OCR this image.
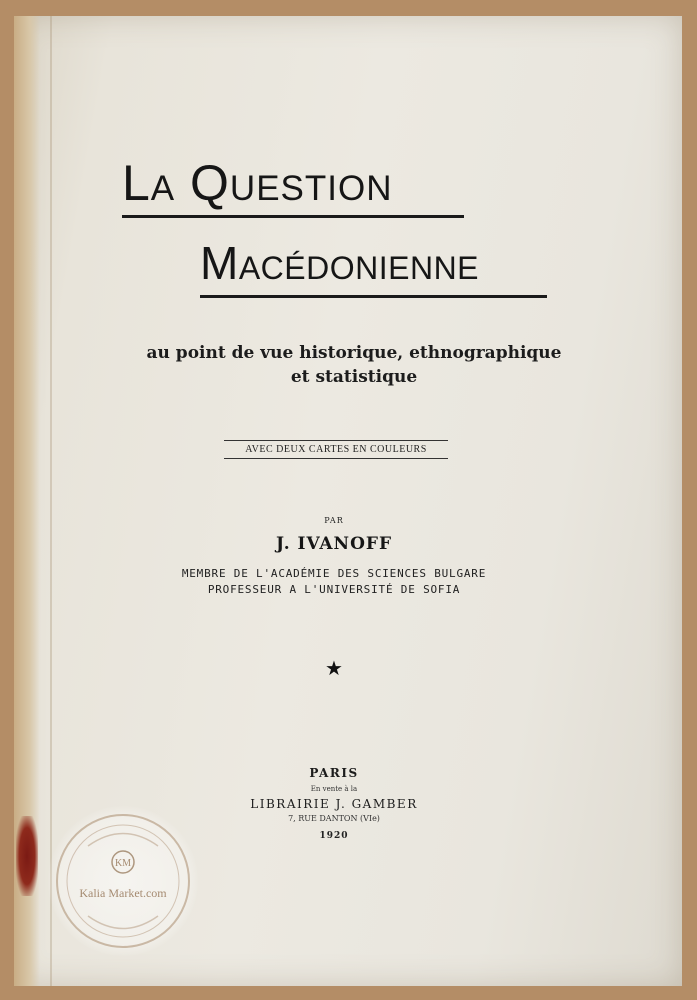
La Question
Macédonienne
au point de vue historique, ethnographique
et statistique
AVEC DEUX CARTES EN COULEURS
PAR
J. IVANOFF
MEMBRE DE L'ACADÉMIE DES SCIENCES BULGARE
PROFESSEUR A L'UNIVERSITÉ DE SOFIA
★
PARIS
En vente à la
LIBRAIRIE J. GAMBER
7, RUE DANTON (VIe)
1920
KM
Kalia Market.com
